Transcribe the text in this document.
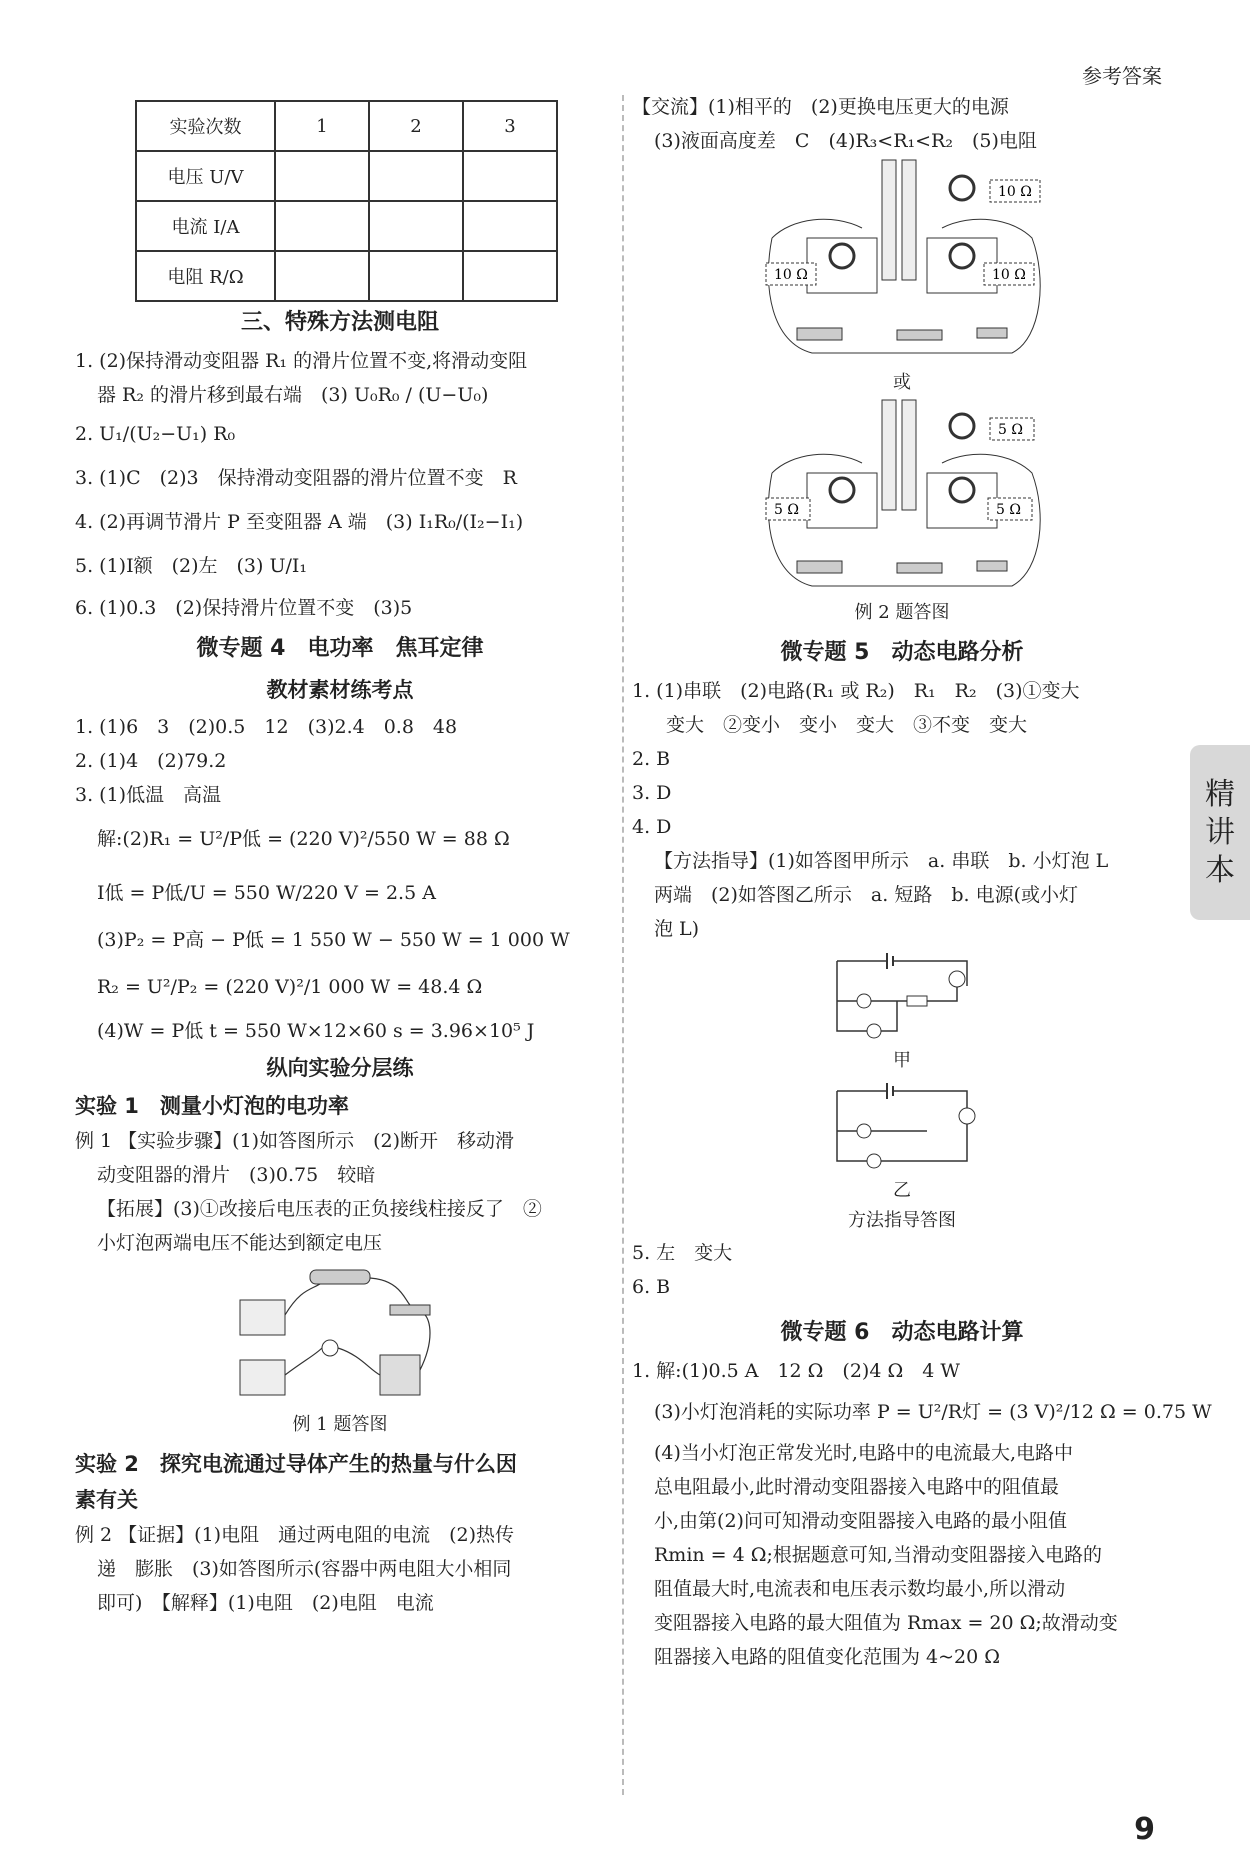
参考答案
精
讲
本
9
实验次数	1	2	3
电压 U/V			
电流 I/A			
电阻 R/Ω			
三、特殊方法测电阻
1. (2)保持滑动变阻器 R₁ 的滑片位置不变,将滑动变阻
器 R₂ 的滑片移到最右端　(3) U₀R₀ / (U−U₀)
2. U₁/(U₂−U₁) R₀
3. (1)C　(2)3　保持滑动变阻器的滑片位置不变　R
4. (2)再调节滑片 P 至变阻器 A 端　(3) I₁R₀/(I₂−I₁)
5. (1)I额　(2)左　(3) U/I₁
6. (1)0.3　(2)保持滑片位置不变　(3)5
微专题 4　电功率　焦耳定律
教材素材练考点
1. (1)6　3　(2)0.5　12　(3)2.4　0.8　48
2. (1)4　(2)79.2
3. (1)低温　高温
解:(2)R₁ = U²/P低 = (220 V)²/550 W = 88 Ω
I低 = P低/U = 550 W/220 V = 2.5 A
(3)P₂ = P高 − P低 = 1 550 W − 550 W = 1 000 W
R₂ = U²/P₂ = (220 V)²/1 000 W = 48.4 Ω
(4)W = P低 t = 550 W×12×60 s = 3.96×10⁵ J
纵向实验分层练
实验 1　测量小灯泡的电功率
例 1 【实验步骤】(1)如答图所示　(2)断开　移动滑
动变阻器的滑片　(3)0.75　较暗
【拓展】(3)①改接后电压表的正负接线柱接反了　②
小灯泡两端电压不能达到额定电压
例 1 题答图
实验 2　探究电流通过导体产生的热量与什么因
素有关
例 2 【证据】(1)电阻　通过两电阻的电流　(2)热传
递　膨胀　(3)如答图所示(容器中两电阻大小相同
即可)　【解释】(1)电阻　(2)电阻　电流
【交流】(1)相平的　(2)更换电压更大的电源
(3)液面高度差　C　(4)R₃<R₁<R₂　(5)电阻
10 Ω	10 Ω
10 Ω
或
5 Ω	5 Ω
5 Ω
例 2 题答图
微专题 5　动态电路分析
1. (1)串联　(2)电路(R₁ 或 R₂)　R₁　R₂　(3)①变大
变大　②变小　变小　变大　③不变　变大
2. B
3. D
4. D
【方法指导】(1)如答图甲所示　a. 串联　b. 小灯泡 L
两端　(2)如答图乙所示　a. 短路　b. 电源(或小灯
泡 L)
甲
乙
方法指导答图
5. 左　变大
6. B
微专题 6　动态电路计算
1. 解:(1)0.5 A　12 Ω　(2)4 Ω　4 W
(3)小灯泡消耗的实际功率 P = U²/R灯 = (3 V)²/12 Ω = 0.75 W
(4)当小灯泡正常发光时,电路中的电流最大,电路中
总电阻最小,此时滑动变阻器接入电路中的阻值最
小,由第(2)问可知滑动变阻器接入电路的最小阻值
Rmin = 4 Ω;根据题意可知,当滑动变阻器接入电路的
阻值最大时,电流表和电压表示数均最小,所以滑动
变阻器接入电路的最大阻值为 Rmax = 20 Ω;故滑动变
阻器接入电路的阻值变化范围为 4~20 Ω
